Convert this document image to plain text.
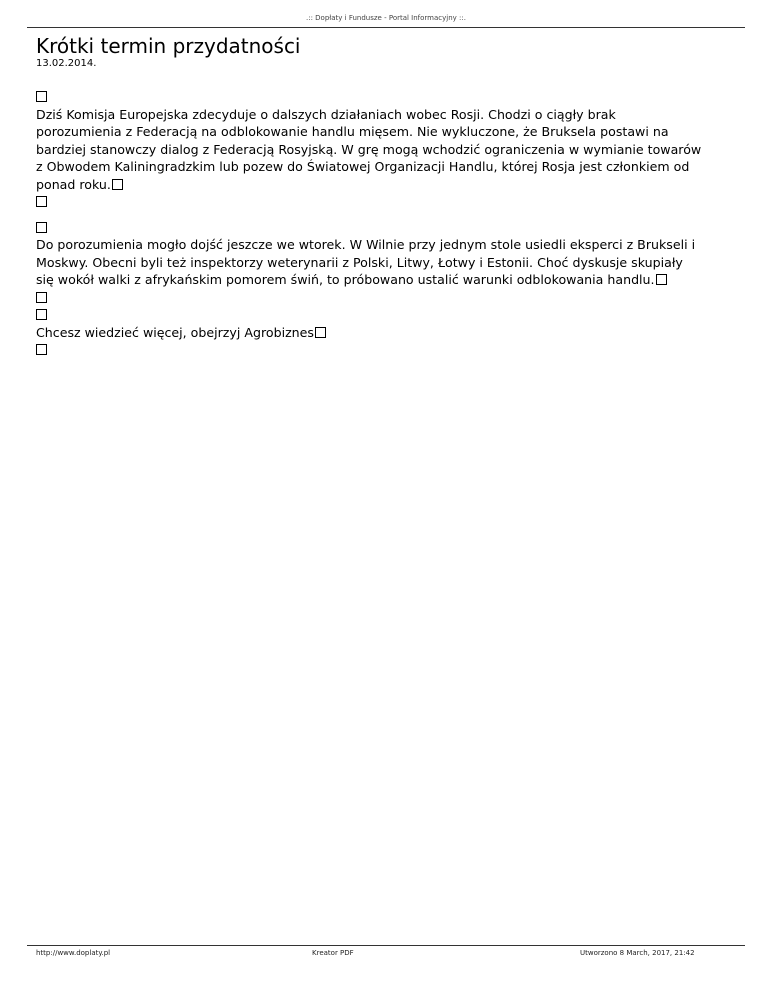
.:: Dopłaty i Fundusze - Portal Informacyjny ::.
Krótki termin przydatności
13.02.2014.
Dziś Komisja Europejska zdecyduje o dalszych działaniach wobec Rosji. Chodzi o ciągły brak
porozumienia z Federacją na odblokowanie handlu mięsem. Nie wykluczone, że Bruksela postawi na
bardziej stanowczy dialog z Federacją Rosyjską. W grę mogą wchodzić ograniczenia w wymianie towarów
z Obwodem Kaliningradzkim lub pozew do Światowej Organizacji Handlu, której Rosja jest członkiem od
ponad roku.
Do porozumienia mogło dojść jeszcze we wtorek. W Wilnie przy jednym stole usiedli eksperci z Brukseli i
Moskwy. Obecni byli też inspektorzy weterynarii z Polski, Litwy, Łotwy i Estonii. Choć dyskusje skupiały
się wokół walki z afrykańskim pomorem świń, to próbowano ustalić warunki odblokowania handlu.
Chcesz wiedzieć więcej, obejrzyj Agrobiznes
http://www.doplaty.pl	Kreator PDF	Utworzono 8 March, 2017, 21:42
